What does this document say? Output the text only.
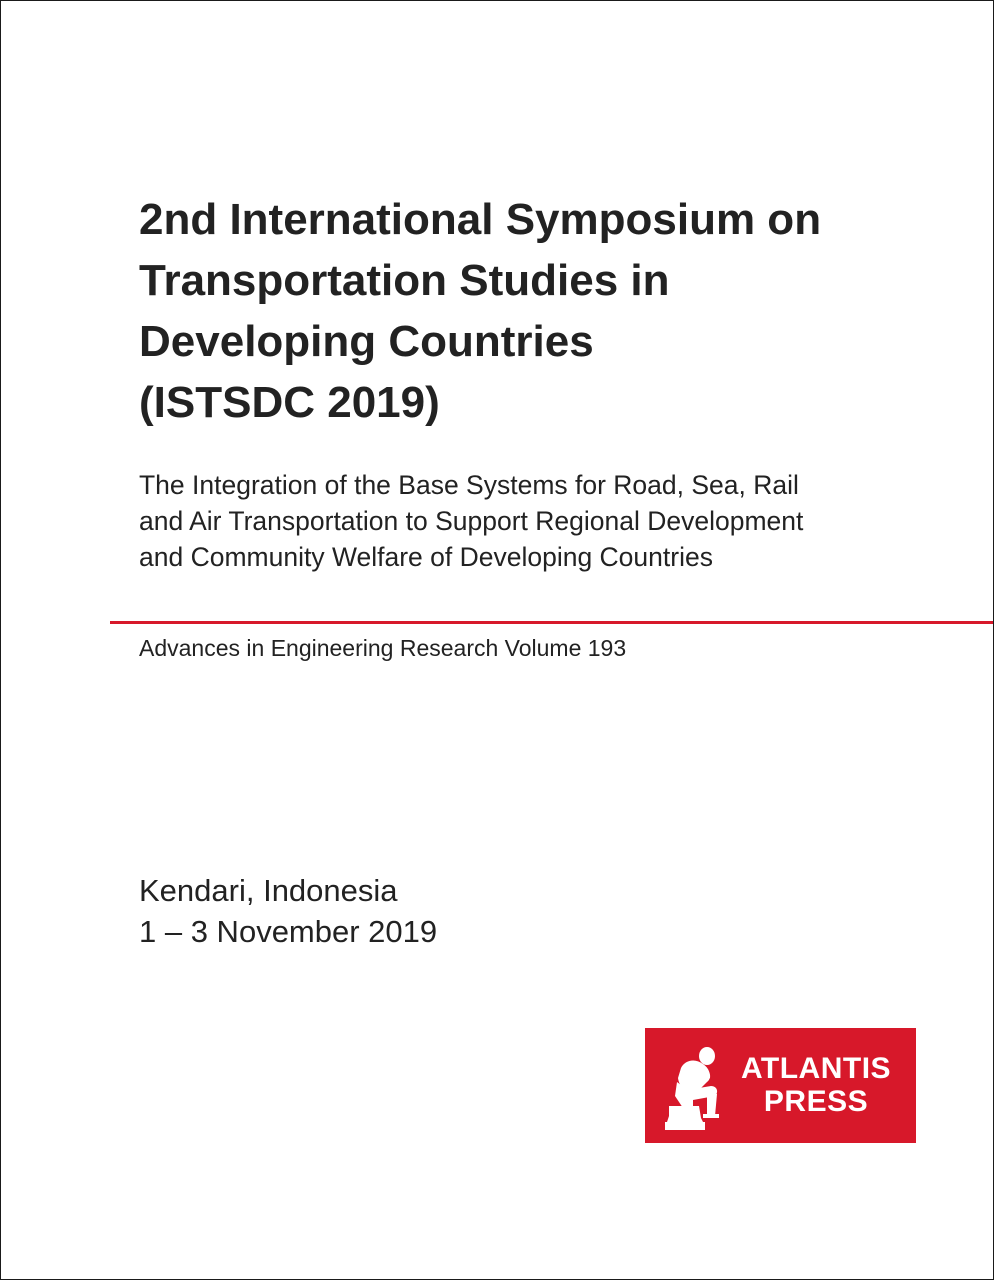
2nd International Symposium on
Transportation Studies in
Developing Countries
(ISTSDC 2019)

The Integration of the Base Systems for Road, Sea, Rail
and Air Transportation to Support Regional Development
and Community Welfare of Developing Countries

Advances in Engineering Research Volume 193

Kendari, Indonesia
1 – 3 November 2019

ATLANTIS
PRESS
